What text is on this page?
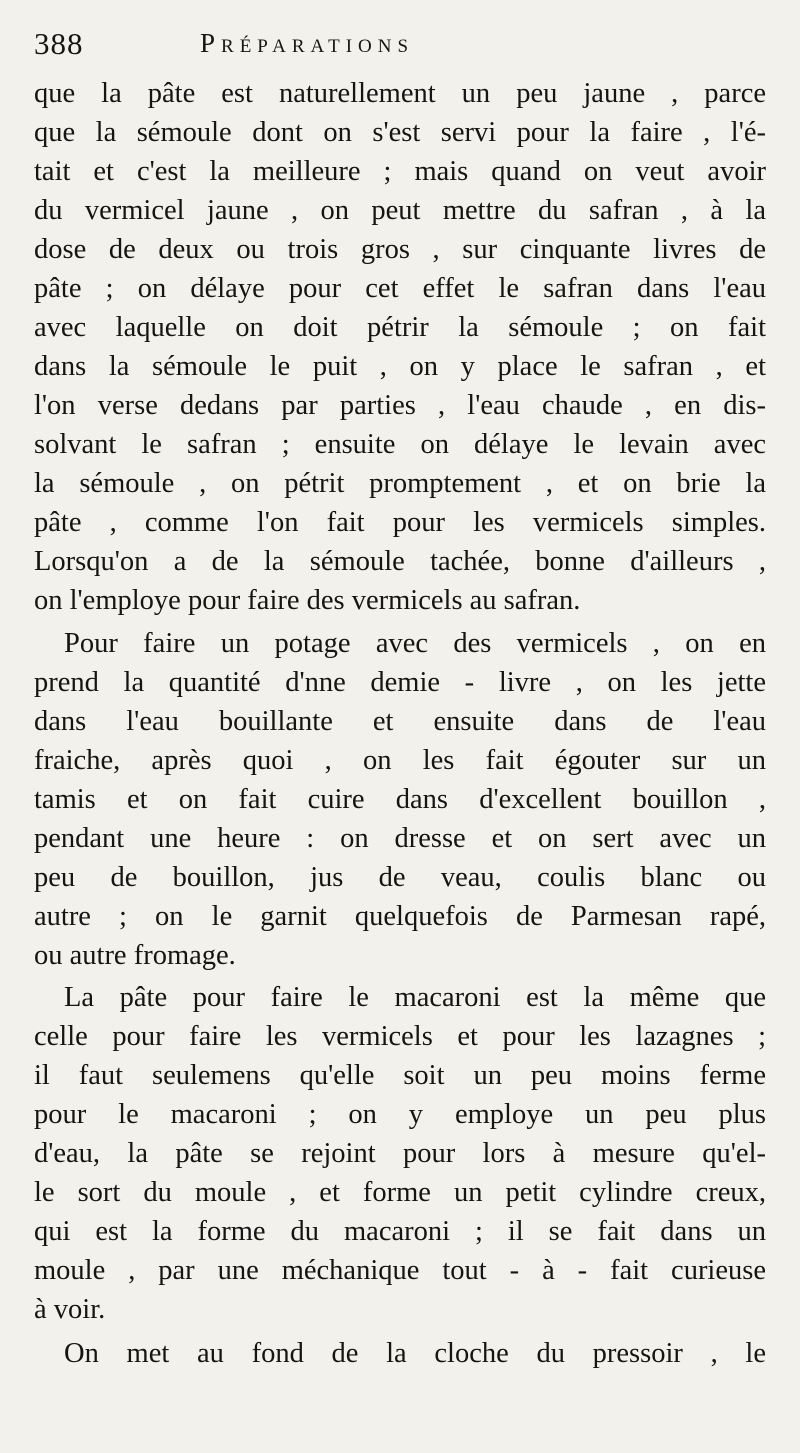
388	Préparations
que la pâte est naturellement un peu jaune , parce
que la sémoule dont on s'est servi pour la faire , l'é-
tait et c'est la meilleure ; mais quand on veut avoir
du vermicel jaune , on peut mettre du safran , à la
dose de deux ou trois gros , sur cinquante livres de
pâte ; on délaye pour cet effet le safran dans l'eau
avec laquelle on doit pétrir la sémoule ; on fait
dans la sémoule le puit , on y place le safran , et
l'on verse dedans par parties , l'eau chaude , en dis-
solvant le safran ; ensuite on délaye le levain avec
la sémoule , on pétrit promptement , et on brie la
pâte , comme l'on fait pour les vermicels simples.
Lorsqu'on a de la sémoule tachée, bonne d'ailleurs ,
on l'employe pour faire des vermicels au safran.
Pour faire un potage avec des vermicels , on en
prend la quantité d'nne demie - livre , on les jette
dans l'eau bouillante et ensuite dans de l'eau
fraiche, après quoi , on les fait égouter sur un
tamis et on fait cuire dans d'excellent bouillon ,
pendant une heure : on dresse et on sert avec un
peu de bouillon, jus de veau, coulis blanc ou
autre ; on le garnit quelquefois de Parmesan rapé,
ou autre fromage.
La pâte pour faire le macaroni est la même que
celle pour faire les vermicels et pour les lazagnes ;
il faut seulemens qu'elle soit un peu moins ferme
pour le macaroni ; on y employe un peu plus
d'eau, la pâte se rejoint pour lors à mesure qu'el-
le sort du moule , et forme un petit cylindre creux,
qui est la forme du macaroni ; il se fait dans un
moule , par une méchanique tout - à - fait curieuse
à voir.
On met au fond de la cloche du pressoir , le
